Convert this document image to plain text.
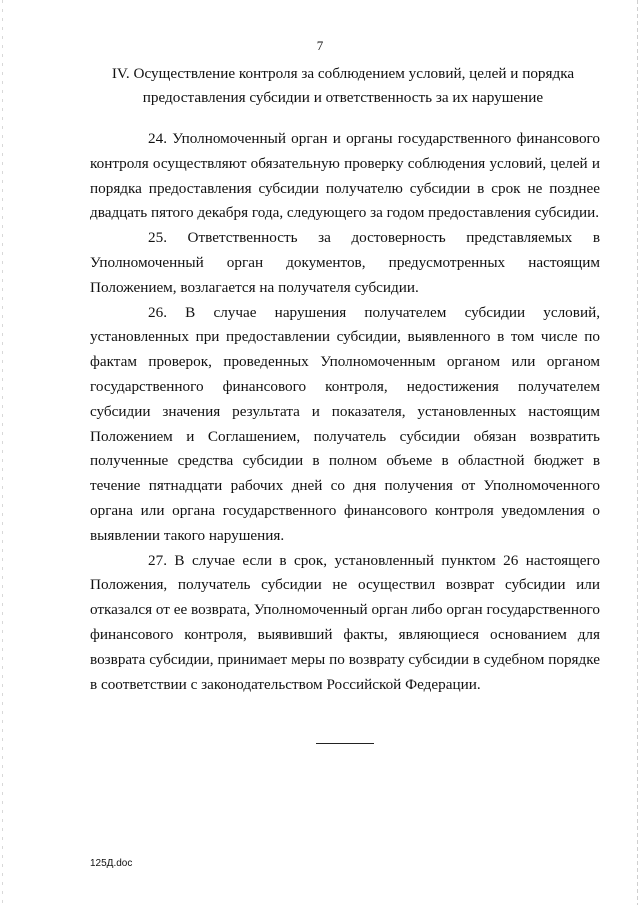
7
IV. Осуществление контроля за соблюдением условий, целей и порядка предоставления субсидии и ответственность за их нарушение

24. Уполномоченный орган и органы государственного финансового контроля осуществляют обязательную проверку соблюдения условий, целей и порядка предоставления субсидии получателю субсидии в срок не позднее двадцать пятого декабря года, следующего за годом предоставления субсидии.

25. Ответственность за достоверность представляемых в Уполномоченный орган документов, предусмотренных настоящим Положением, возлагается на получателя субсидии.

26. В случае нарушения получателем субсидии условий, установленных при предоставлении субсидии, выявленного в том числе по фактам проверок, проведенных Уполномоченным органом или органом государственного финансового контроля, недостижения получателем субсидии значения результата и показателя, установленных настоящим Положением и Соглашением, получатель субсидии обязан возвратить полученные средства субсидии в полном объеме в областной бюджет в течение пятнадцати рабочих дней со дня получения от Уполномоченного органа или органа государственного финансового контроля уведомления о выявлении такого нарушения.

27. В случае если в срок, установленный пунктом 26 настоящего Положения, получатель субсидии не осуществил возврат субсидии или отказался от ее возврата, Уполномоченный орган либо орган государственного финансового контроля, выявивший факты, являющиеся основанием для возврата субсидии, принимает меры по возврату субсидии в судебном порядке в соответствии с законодательством Российской Федерации.

125Д.doc
